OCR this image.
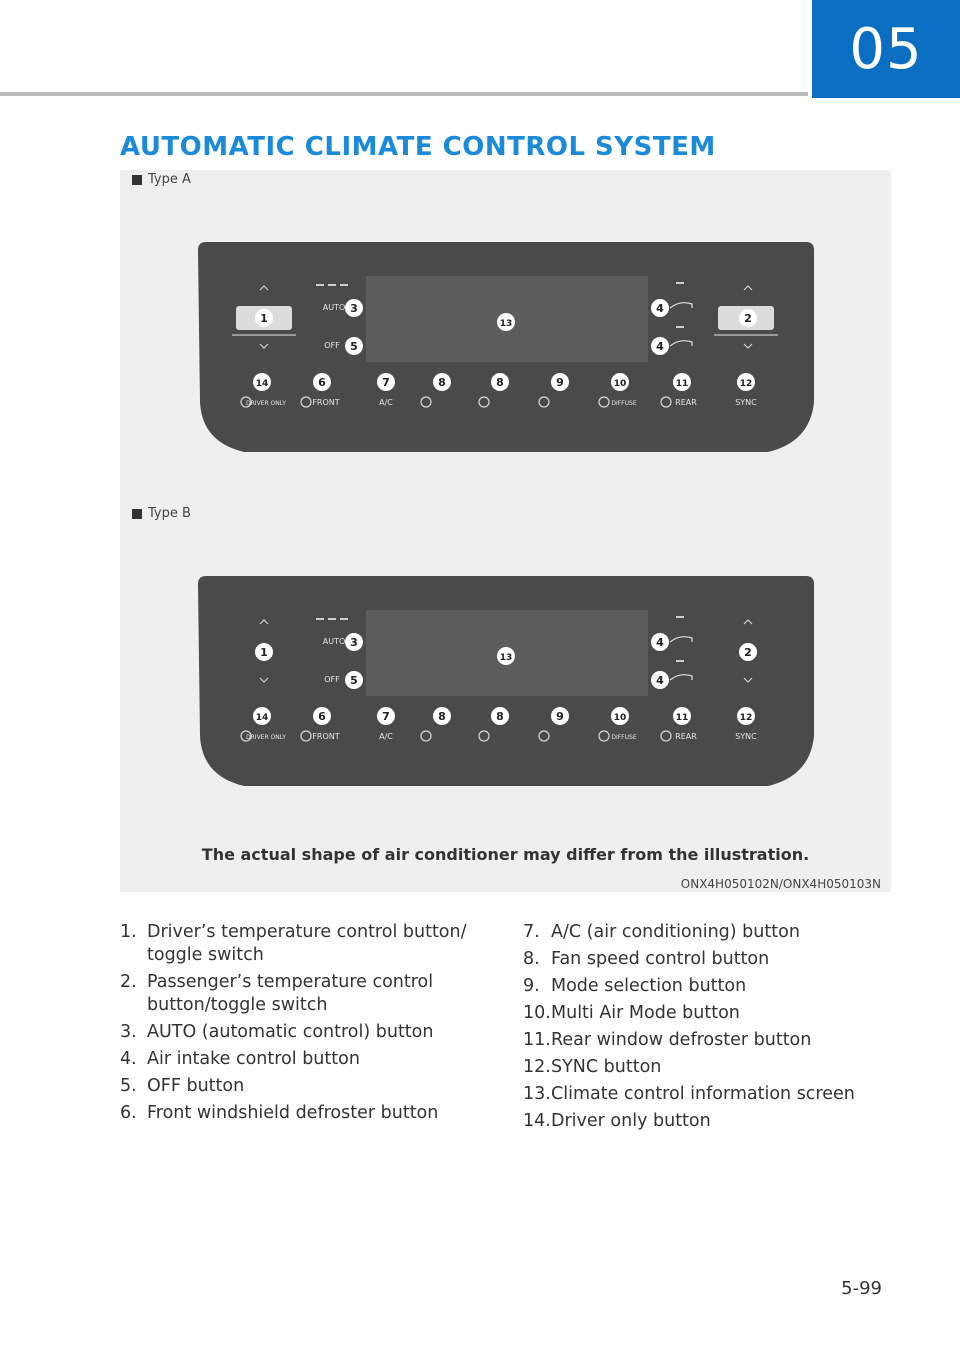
05
AUTOMATIC CLIMATE CONTROL SYSTEM
Type A
13
1	2
AUTO 3
OFF 5
4
4
14
DRIVER ONLY
6
FRONT
7
A/C
8	8	9	10
DIFFUSE
11
REAR
12
SYNC
Type B
13
1	2
AUTO 3
OFF 5
4
4
14
DRIVER ONLY
6
FRONT
7
A/C
8	8	9	10
DIFFUSE
11
REAR
12
SYNC
The actual shape of air conditioner may differ from the illustration.
ONX4H050102N/ONX4H050103N
1. Driver’s temperature control button/ toggle switch
2. Passenger’s temperature control button/toggle switch
3. AUTO (automatic control) button
4. Air intake control button
5. OFF button
6. Front windshield defroster button
7. A/C (air conditioning) button
8. Fan speed control button
9. Mode selection button
10. Multi Air Mode button
11. Rear window defroster button
12. SYNC button
13. Climate control information screen
14. Driver only button
5-99
